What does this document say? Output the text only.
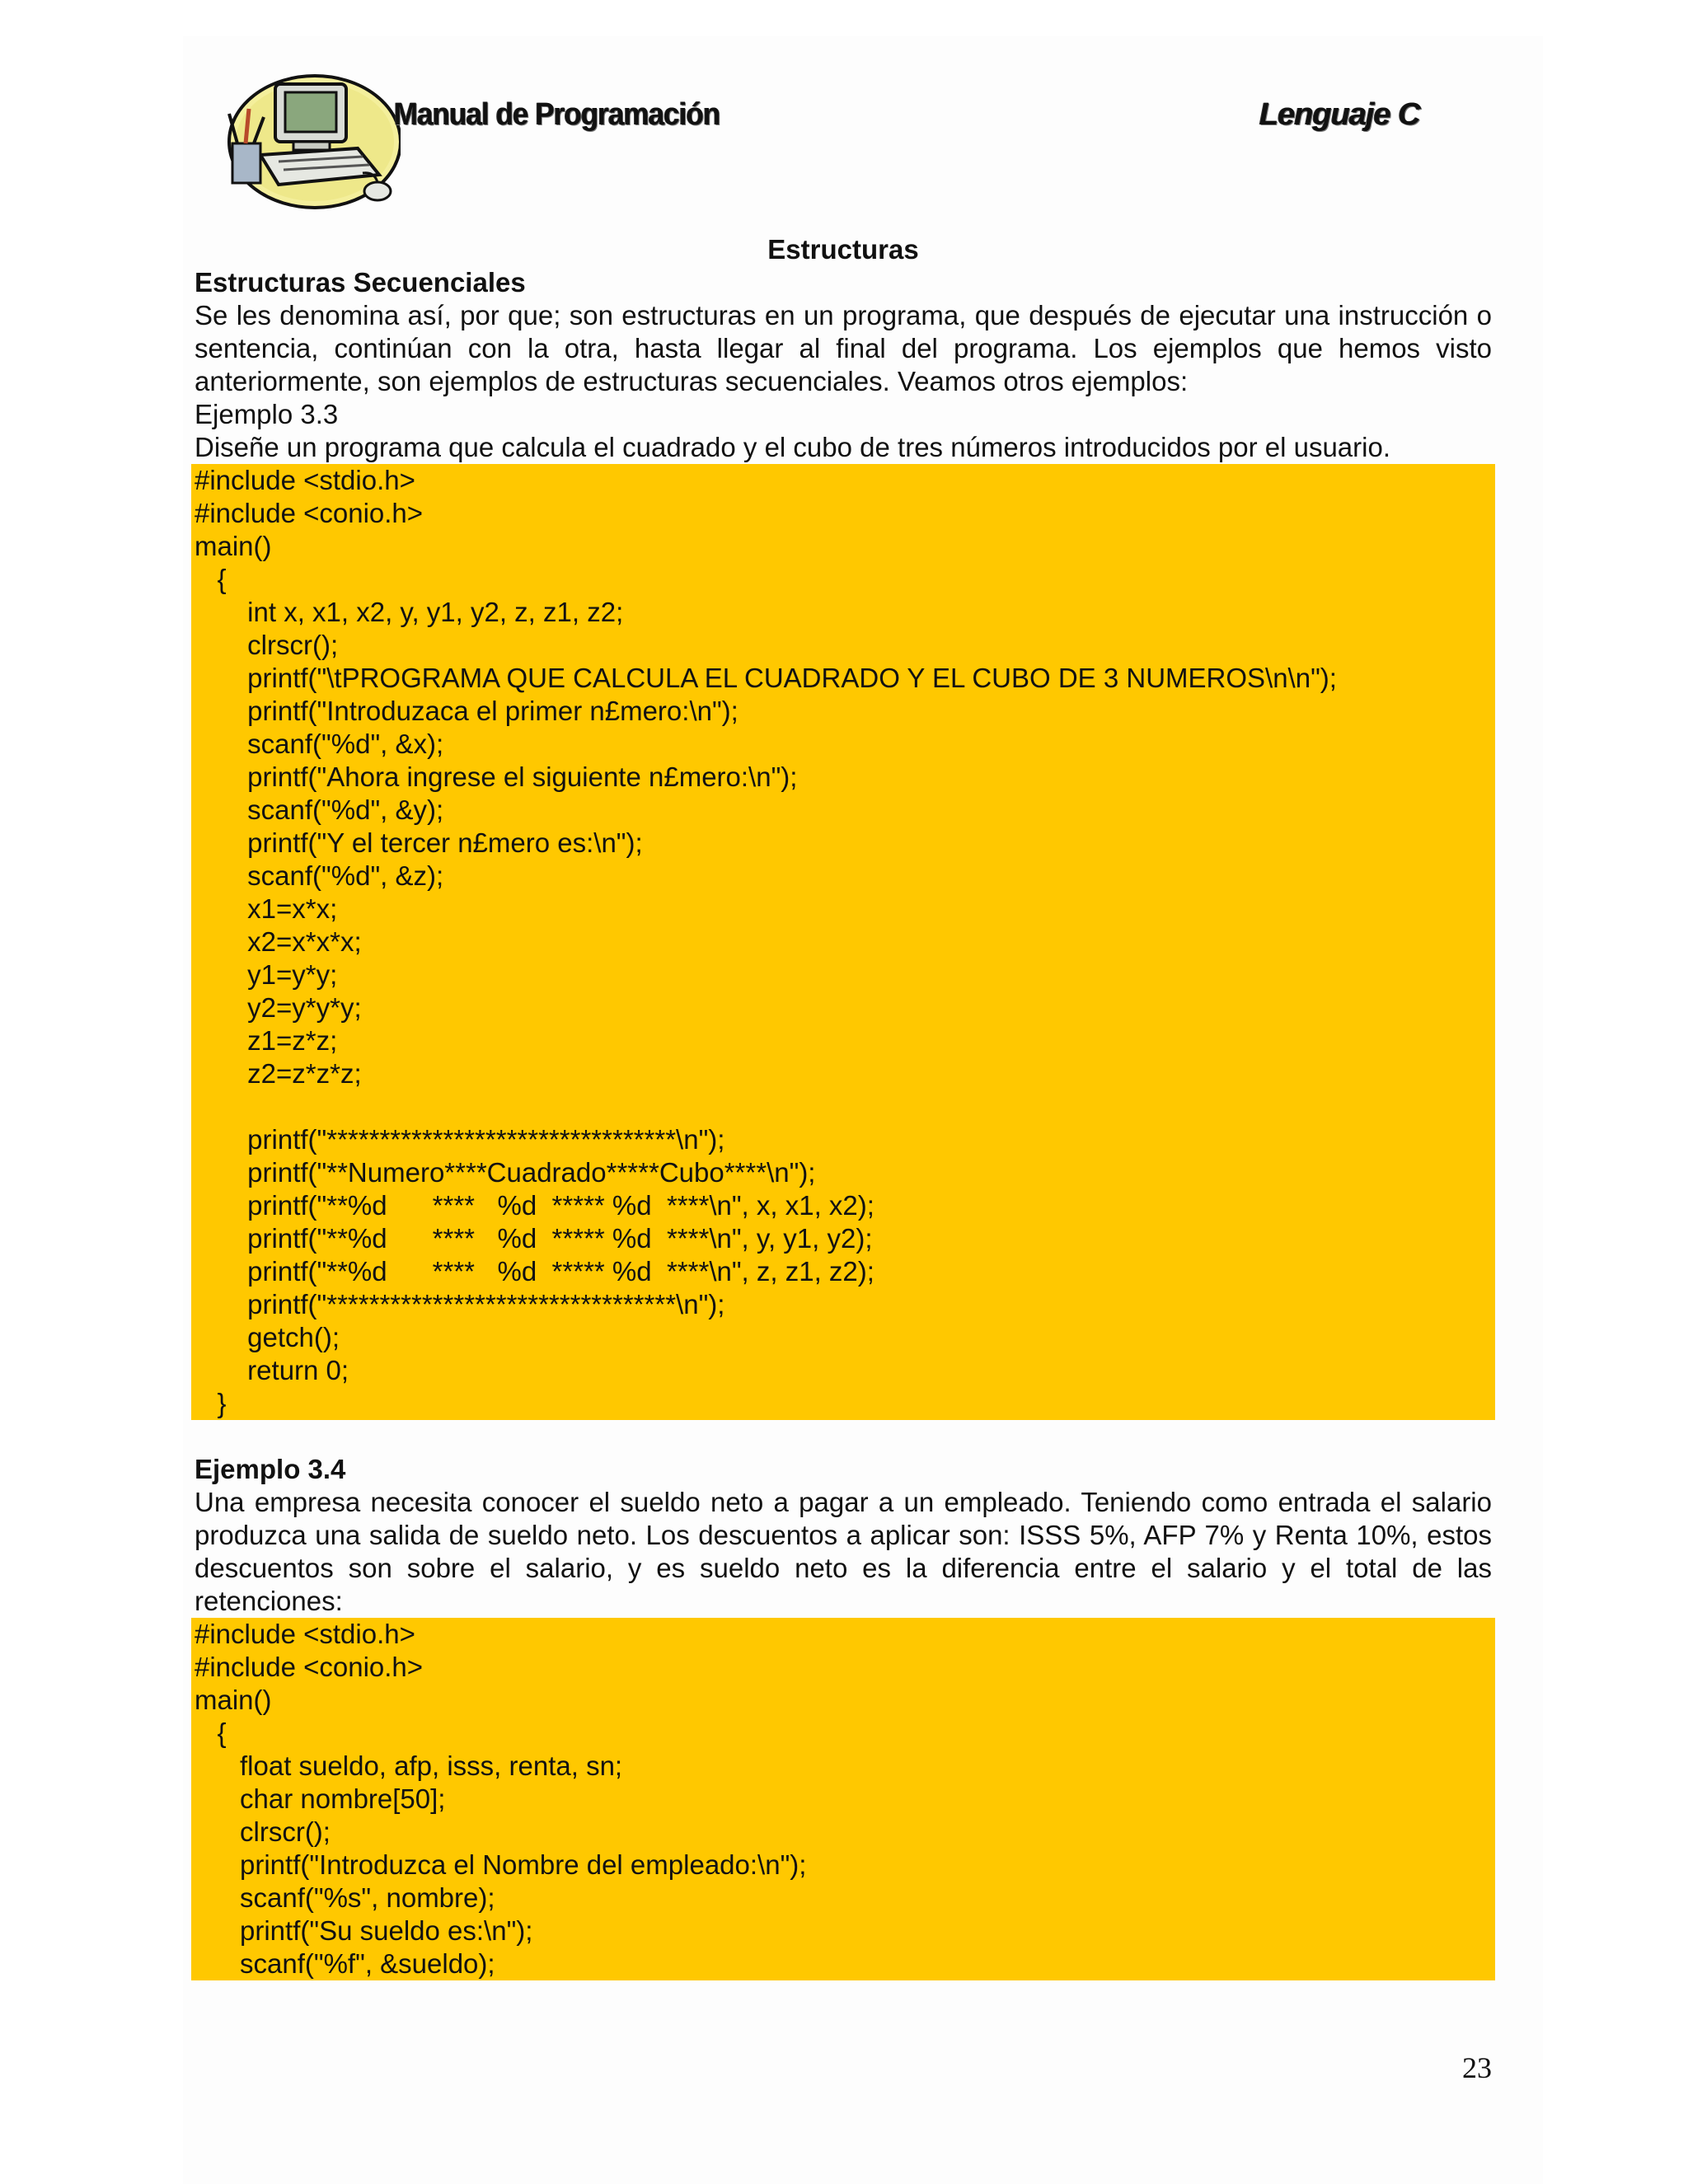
Manual de Programación	Lenguaje C
Estructuras
Estructuras Secuenciales
Se les denomina así, por que; son estructuras en un programa, que después de ejecutar una instrucción o sentencia, continúan con la otra, hasta llegar al final del programa. Los ejemplos que hemos visto anteriormente, son ejemplos de estructuras secuenciales. Veamos otros ejemplos:
Ejemplo 3.3
Diseñe un programa que calcula el cuadrado y el cubo de tres números introducidos por el usuario.
#include <stdio.h>
#include <conio.h>
main()
{
int x, x1, x2, y, y1, y2, z, z1, z2;
clrscr();
printf("\tPROGRAMA QUE CALCULA EL CUADRADO Y EL CUBO DE 3 NUMEROS\n\n");
printf("Introduzaca el primer n£mero:\n");
scanf("%d", &x);
printf("Ahora ingrese el siguiente n£mero:\n");
scanf("%d", &y);
printf("Y el tercer n£mero es:\n");
scanf("%d", &z);
x1=x*x;
x2=x*x*x;
y1=y*y;
y2=y*y*y;
z1=z*z;
z2=z*z*z;
printf("*********************************\n");
printf("**Numero****Cuadrado*****Cubo****\n");
printf("**%d      ****   %d  ***** %d  ****\n", x, x1, x2);
printf("**%d      ****   %d  ***** %d  ****\n", y, y1, y2);
printf("**%d      ****   %d  ***** %d  ****\n", z, z1, z2);
printf("*********************************\n");
getch();
return 0;
}
Ejemplo 3.4
Una empresa necesita conocer el sueldo neto a pagar a un empleado. Teniendo como entrada el salario produzca una salida de sueldo neto. Los descuentos a aplicar son: ISSS 5%, AFP 7% y Renta 10%, estos descuentos son sobre el salario, y es sueldo neto es la diferencia entre el salario y el total de las retenciones:
#include <stdio.h>
#include <conio.h>
main()
{
float sueldo, afp, isss, renta, sn;
char nombre[50];
clrscr();
printf("Introduzca el Nombre del empleado:\n");
scanf("%s", nombre);
printf("Su sueldo es:\n");
scanf("%f", &sueldo);
23
